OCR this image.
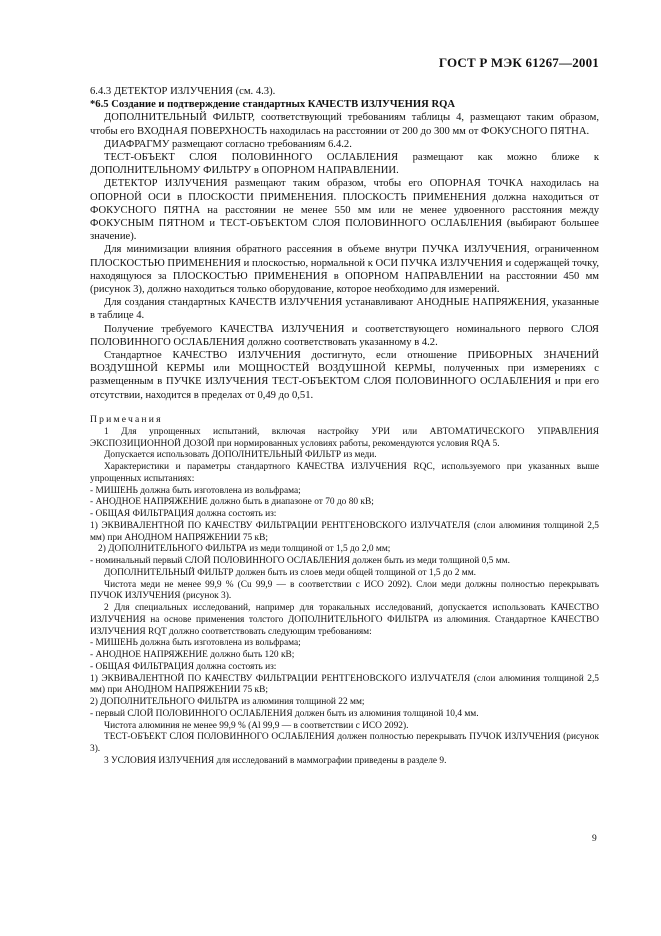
ГОСТ Р МЭК 61267—2001

6.4.3 ДЕТЕКТОР ИЗЛУЧЕНИЯ (см. 4.3).

*6.5 Создание и подтверждение стандартных КАЧЕСТВ ИЗЛУЧЕНИЯ RQA

ДОПОЛНИТЕЛЬНЫЙ ФИЛЬТР, соответствующий требованиям таблицы 4, размещают таким образом, чтобы его ВХОДНАЯ ПОВЕРХНОСТЬ находилась на расстоянии от 200 до 300 мм от ФОКУСНОГО ПЯТНА.

ДИАФРАГМУ размещают согласно требованиям 6.4.2.

ТЕСТ-ОБЪЕКТ СЛОЯ ПОЛОВИННОГО ОСЛАБЛЕНИЯ размещают как можно ближе к ДОПОЛНИТЕЛЬНОМУ ФИЛЬТРУ в ОПОРНОМ НАПРАВЛЕНИИ.

ДЕТЕКТОР ИЗЛУЧЕНИЯ размещают таким образом, чтобы его ОПОРНАЯ ТОЧКА находилась на ОПОРНОЙ ОСИ в ПЛОСКОСТИ ПРИМЕНЕНИЯ. ПЛОСКОСТЬ ПРИМЕНЕНИЯ должна находиться от ФОКУСНОГО ПЯТНА на расстоянии не менее 550 мм или не менее удвоенного расстояния между ФОКУСНЫМ ПЯТНОМ и ТЕСТ-ОБЪЕКТОМ СЛОЯ ПОЛОВИННОГО ОСЛАБЛЕНИЯ (выбирают большее значение).

Для минимизации влияния обратного рассеяния в объеме внутри ПУЧКА ИЗЛУЧЕНИЯ, ограниченном ПЛОСКОСТЬЮ ПРИМЕНЕНИЯ и плоскостью, нормальной к ОСИ ПУЧКА ИЗЛУЧЕНИЯ и содержащей точку, находящуюся за ПЛОСКОСТЬЮ ПРИМЕНЕНИЯ в ОПОРНОМ НАПРАВЛЕНИИ на расстоянии 450 мм (рисунок 3), должно находиться только оборудование, которое необходимо для измерений.

Для создания стандартных КАЧЕСТВ ИЗЛУЧЕНИЯ устанавливают АНОДНЫЕ НАПРЯЖЕНИЯ, указанные в таблице 4.

Получение требуемого КАЧЕСТВА ИЗЛУЧЕНИЯ и соответствующего номинального первого СЛОЯ ПОЛОВИННОГО ОСЛАБЛЕНИЯ должно соответствовать указанному в 4.2.

Стандартное КАЧЕСТВО ИЗЛУЧЕНИЯ достигнуто, если отношение ПРИБОРНЫХ ЗНАЧЕНИЙ ВОЗДУШНОЙ КЕРМЫ или МОЩНОСТЕЙ ВОЗДУШНОЙ КЕРМЫ, полученных при измерениях с размещенным в ПУЧКЕ ИЗЛУЧЕНИЯ ТЕСТ-ОБЪЕКТОМ СЛОЯ ПОЛОВИННОГО ОСЛАБЛЕНИЯ и при его отсутствии, находится в пределах от 0,49 до 0,51.

Примечания

1 Для упрощенных испытаний, включая настройку УРИ или АВТОМАТИЧЕСКОГО УПРАВЛЕНИЯ ЭКСПОЗИЦИОННОЙ ДОЗОЙ при нормированных условиях работы, рекомендуются условия RQA 5.

Допускается использовать ДОПОЛНИТЕЛЬНЫЙ ФИЛЬТР из меди.

Характеристики и параметры стандартного КАЧЕСТВА ИЗЛУЧЕНИЯ RQC, используемого при указанных выше упрощенных испытаниях:

- МИШЕНЬ должна быть изготовлена из вольфрама;

- АНОДНОЕ НАПРЯЖЕНИЕ должно быть в диапазоне от 70 до 80 кВ;

- ОБЩАЯ ФИЛЬТРАЦИЯ должна состоять из:

1) ЭКВИВАЛЕНТНОЙ ПО КАЧЕСТВУ ФИЛЬТРАЦИИ РЕНТГЕНОВСКОГО ИЗЛУЧАТЕЛЯ (слои алюминия толщиной 2,5 мм) при АНОДНОМ НАПРЯЖЕНИИ 75 кВ;

2) ДОПОЛНИТЕЛЬНОГО ФИЛЬТРА из меди толщиной от 1,5 до 2,0 мм;

- номинальный первый СЛОЙ ПОЛОВИННОГО ОСЛАБЛЕНИЯ должен быть из меди толщиной 0,5 мм.

ДОПОЛНИТЕЛЬНЫЙ ФИЛЬТР должен быть из слоев меди общей толщиной от 1,5 до 2 мм.

Чистота меди не менее 99,9 % (Cu 99,9 — в соответствии с ИСО 2092). Слои меди должны полностью перекрывать ПУЧОК ИЗЛУЧЕНИЯ (рисунок 3).

2 Для специальных исследований, например для торакальных исследований, допускается использовать КАЧЕСТВО ИЗЛУЧЕНИЯ на основе применения толстого ДОПОЛНИТЕЛЬНОГО ФИЛЬТРА из алюминия. Стандартное КАЧЕСТВО ИЗЛУЧЕНИЯ RQT должно соответствовать следующим требованиям:

- МИШЕНЬ должна быть изготовлена из вольфрама;

- АНОДНОЕ НАПРЯЖЕНИЕ должно быть 120 кВ;

- ОБЩАЯ ФИЛЬТРАЦИЯ должна состоять из:

1) ЭКВИВАЛЕНТНОЙ ПО КАЧЕСТВУ ФИЛЬТРАЦИИ РЕНТГЕНОВСКОГО ИЗЛУЧАТЕЛЯ (слои алюминия толщиной 2,5 мм) при АНОДНОМ НАПРЯЖЕНИИ 75 кВ;

2) ДОПОЛНИТЕЛЬНОГО ФИЛЬТРА из алюминия толщиной 22 мм;

- первый СЛОЙ ПОЛОВИННОГО ОСЛАБЛЕНИЯ должен быть из алюминия толщиной 10,4 мм.

Чистота алюминия не менее 99,9 % (Al 99,9 — в соответствии с ИСО 2092).

ТЕСТ-ОБЪЕКТ СЛОЯ ПОЛОВИННОГО ОСЛАБЛЕНИЯ должен полностью перекрывать ПУЧОК ИЗЛУЧЕНИЯ (рисунок 3).

3 УСЛОВИЯ ИЗЛУЧЕНИЯ для исследований в маммографии приведены в разделе 9.

9
